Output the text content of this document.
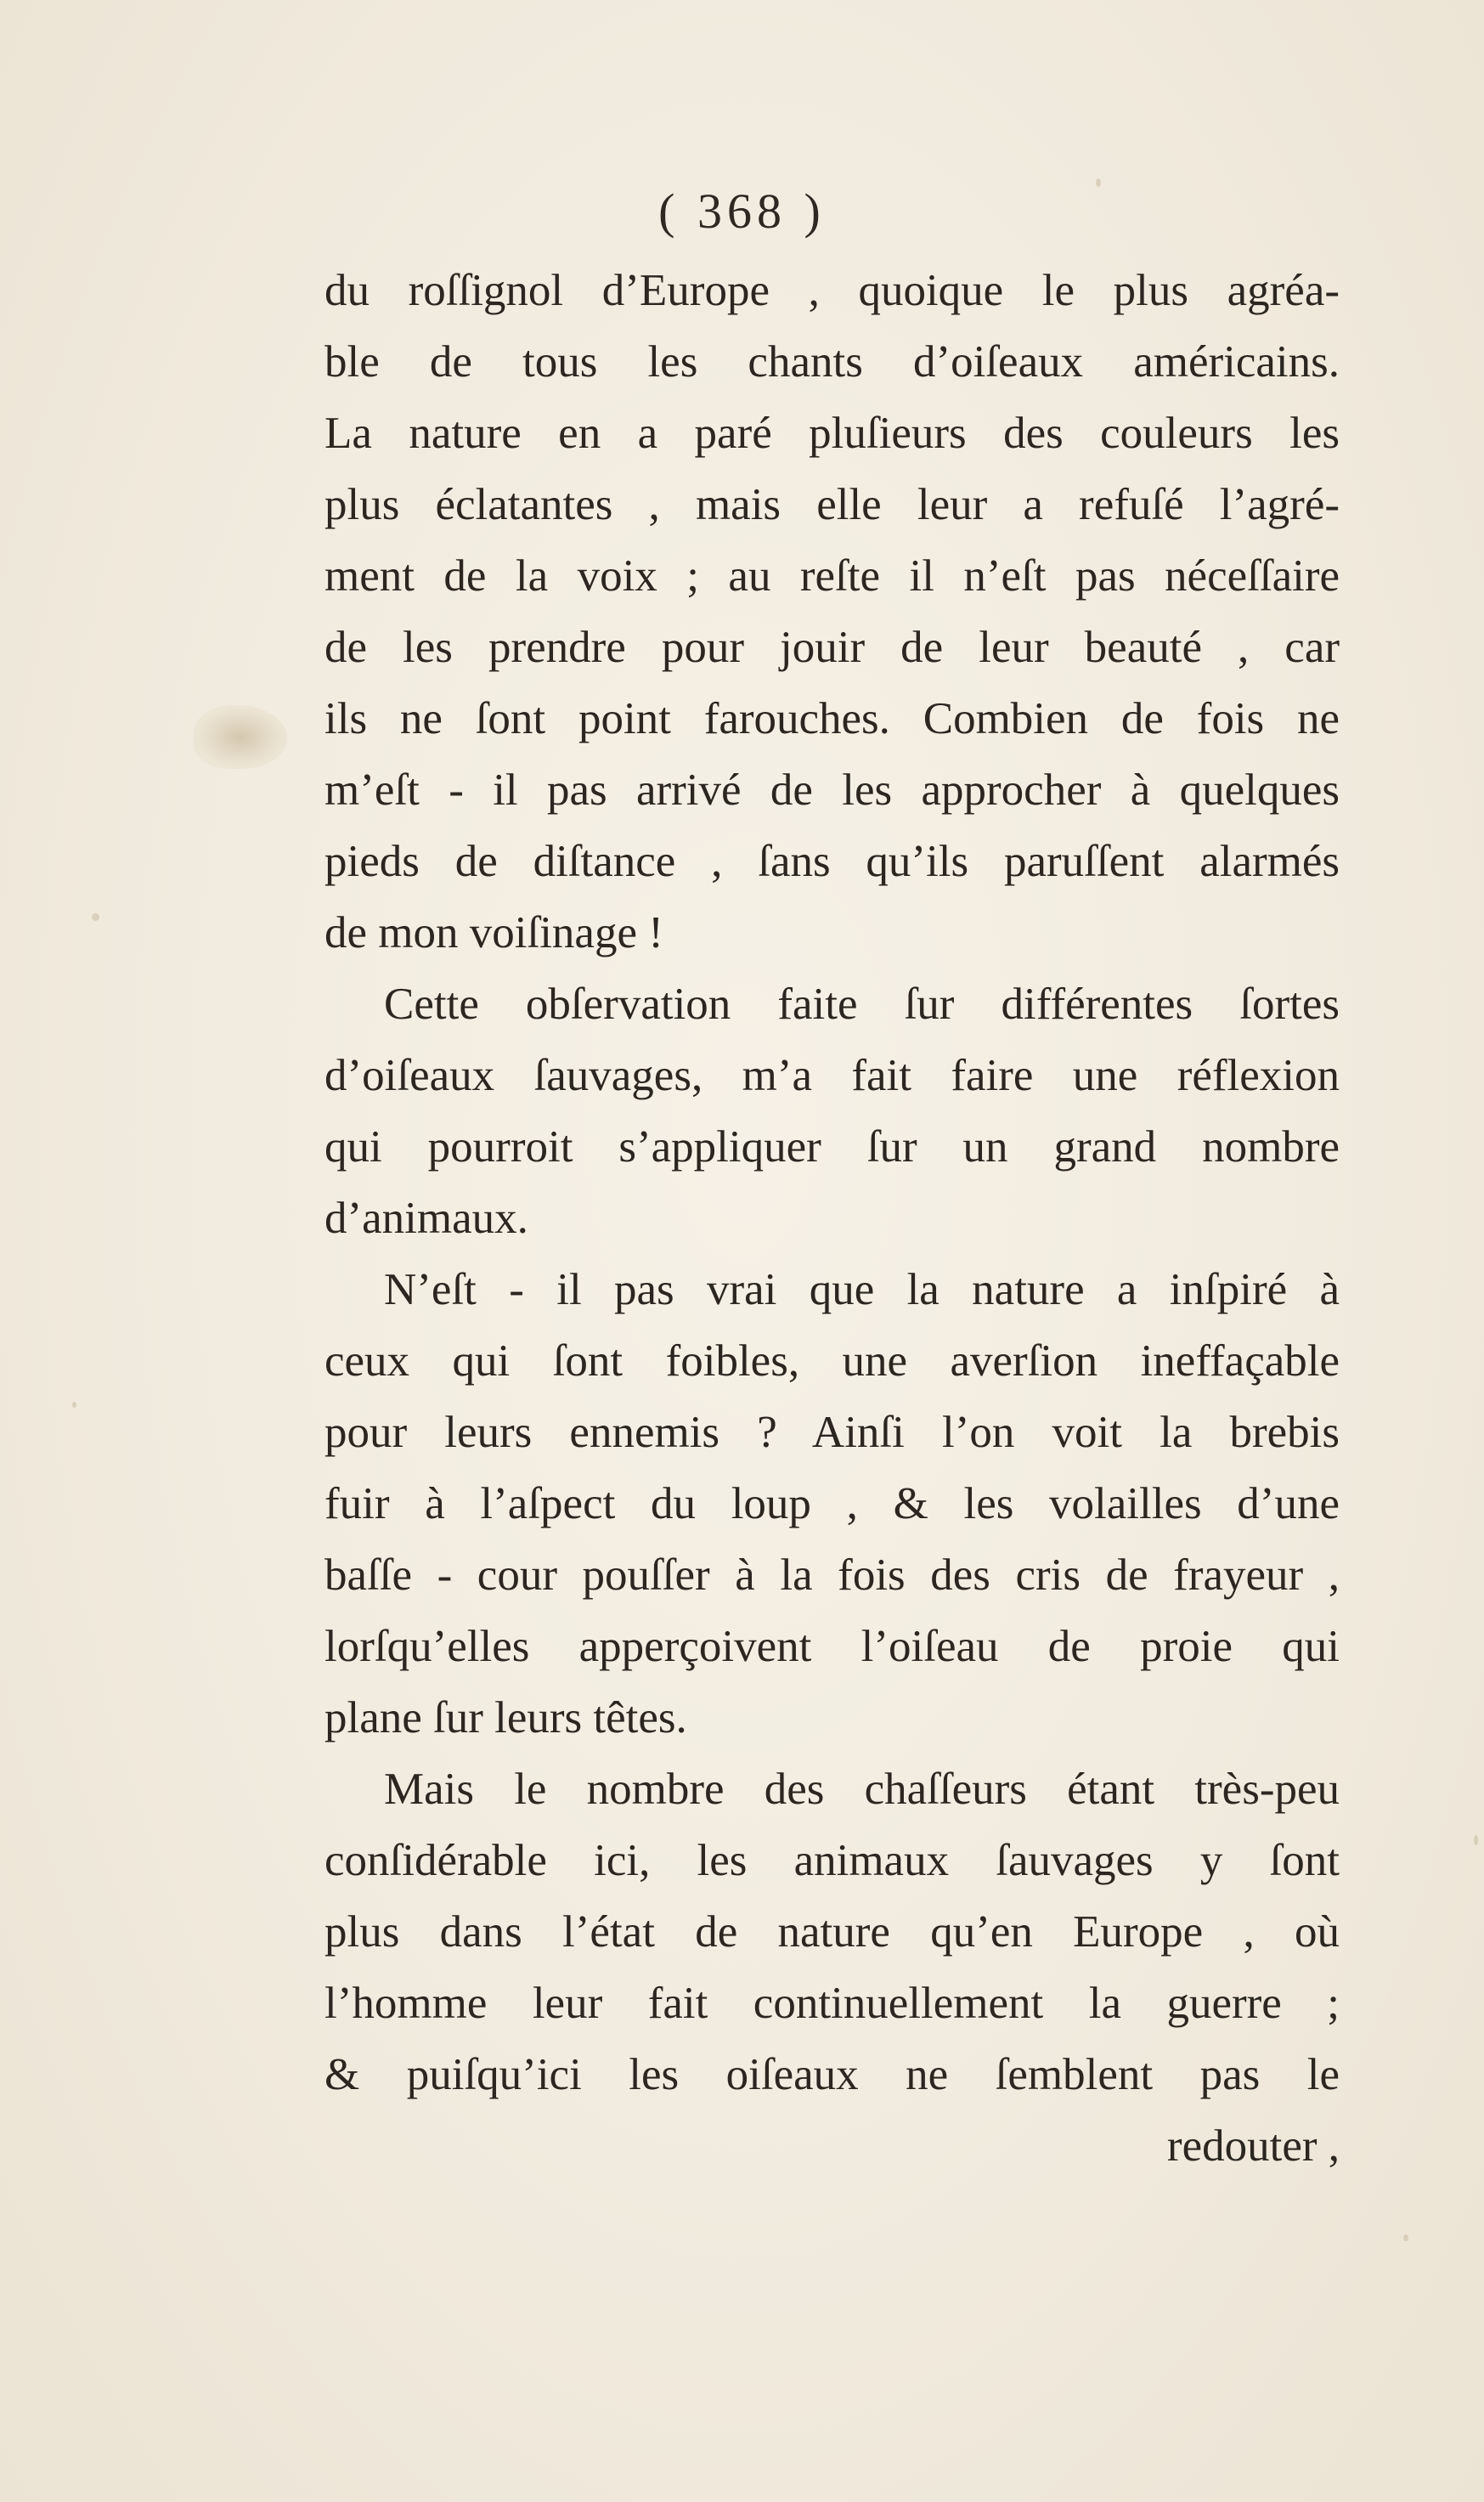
( 368 )
du roſſignol d’Europe , quoique le plus agréa-
ble de tous les chants d’oiſeaux américains.
La nature en a paré pluſieurs des couleurs les
plus éclatantes , mais elle leur a refuſé l’agré-
ment de la voix ; au reſte il n’eſt pas néceſſaire
de les prendre pour jouir de leur beauté , car
ils ne ſont point farouches. Combien de fois ne
m’eſt - il pas arrivé de les approcher à quelques
pieds de diſtance , ſans qu’ils paruſſent alarmés
de mon voiſinage !
Cette obſervation faite ſur différentes ſortes
d’oiſeaux ſauvages, m’a fait faire une réflexion
qui pourroit s’appliquer ſur un grand nombre
d’animaux.
N’eſt - il pas vrai que la nature a inſpiré à
ceux qui ſont foibles, une averſion ineffaçable
pour leurs ennemis ? Ainſi l’on voit la brebis
fuir à l’aſpect du loup , & les volailles d’une
baſſe - cour pouſſer à la fois des cris de frayeur ,
lorſqu’elles apperçoivent l’oiſeau de proie qui
plane ſur leurs têtes.
Mais le nombre des chaſſeurs étant très-peu
conſidérable ici, les animaux ſauvages y ſont
plus dans l’état de nature qu’en Europe , où
l’homme leur fait continuellement la guerre ;
& puiſqu’ici les oiſeaux ne ſemblent pas le
redouter ,
